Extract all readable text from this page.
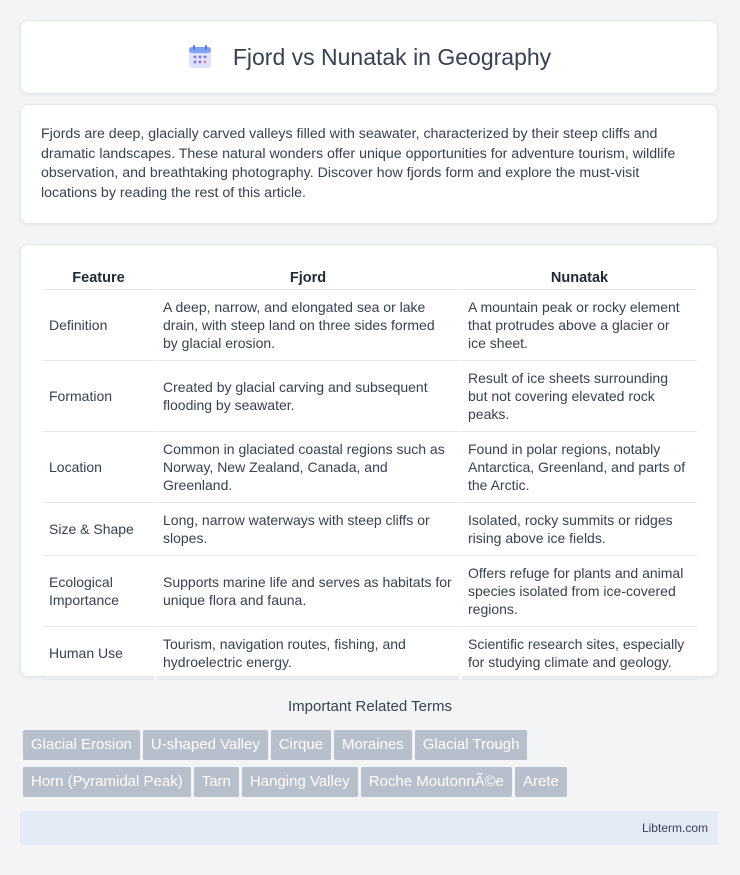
Fjord vs Nunatak in Geography

Fjords are deep, glacially carved valleys filled with seawater, characterized by their steep cliffs and dramatic landscapes. These natural wonders offer unique opportunities for adventure tourism, wildlife observation, and breathtaking photography. Discover how fjords form and explore the must-visit locations by reading the rest of this article.

Feature	Fjord	Nunatak
Definition	A deep, narrow, and elongated sea or lake drain, with steep land on three sides formed by glacial erosion.	A mountain peak or rocky element that protrudes above a glacier or ice sheet.
Formation	Created by glacial carving and subsequent flooding by seawater.	Result of ice sheets surrounding but not covering elevated rock peaks.
Location	Common in glaciated coastal regions such as Norway, New Zealand, Canada, and Greenland.	Found in polar regions, notably Antarctica, Greenland, and parts of the Arctic.
Size & Shape	Long, narrow waterways with steep cliffs or slopes.	Isolated, rocky summits or ridges rising above ice fields.
Ecological Importance	Supports marine life and serves as habitats for unique flora and fauna.	Offers refuge for plants and animal species isolated from ice-covered regions.
Human Use	Tourism, navigation routes, fishing, and hydroelectric energy.	Scientific research sites, especially for studying climate and geology.
Important Related Terms
Glacial Erosion U-shaped Valley Cirque Moraines Glacial Trough
Horn (Pyramidal Peak) Tarn Hanging Valley Roche MoutonnÃ©e Arete
Libterm.com
